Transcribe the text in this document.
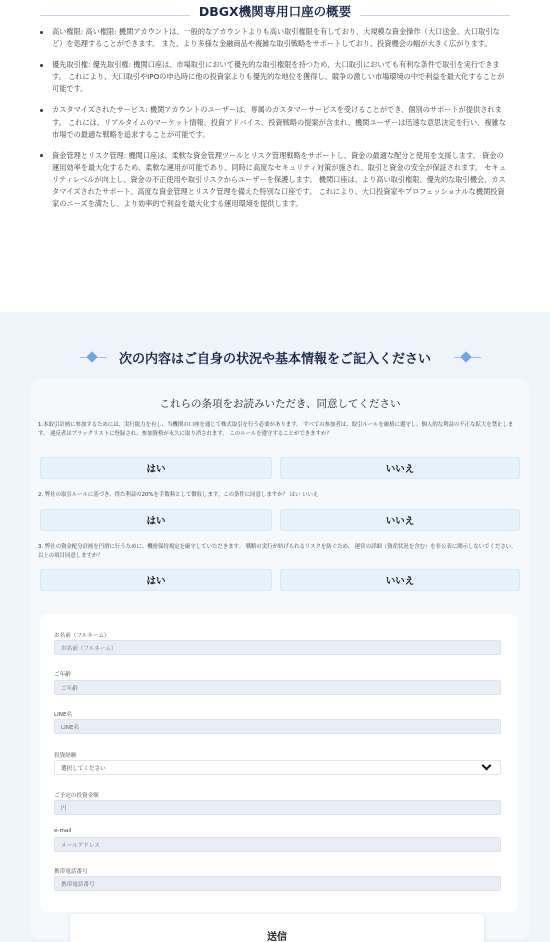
DBGX機関専用口座の概要
高い権限: 高い権限: 機関アカウントは、一般的なアカウントよりも高い取引権限を有しており、大規模な資金操作（大口送金、大口取引など）を処理することができます。 また、より多様な金融商品や複雑な取引戦略をサポートしており、投資機会の幅が大きく広がります。
優先取引権: 優先取引権: 機関口座は、市場取引において優先的な取引権限を持つため、大口取引においても有利な条件で取引を実行できます。 これにより、大口取引やIPOの申込時に他の投資家よりも優先的な地位を獲得し、競争の激しい市場環境の中で利益を最大化することが可能です。
カスタマイズされたサービス: 機関アカウントのユーザーは、専属のカスタマーサービスを受けることができ、個別のサポートが提供されます。 これには、リアルタイムのマーケット情報、投資アドバイス、投資戦略の提案が含まれ、機関ユーザーは迅速な意思決定を行い、複雑な市場での最適な戦略を追求することが可能です。
資金管理とリスク管理: 機関口座は、柔軟な資金管理ツールとリスク管理戦略をサポートし、資金の最適な配分と使用を支援します。 資金の運用効率を最大化するため、柔軟な運用が可能であり、同時に高度なセキュリティ対策が施され、取引と資金の安全が保証されます。 セキュリティレベルが向上し、資金の不正使用や取引リスクからユーザーを保護します。 機関口座は、より高い取引権限、優先的な取引機会、カスタマイズされたサポート、高度な資金管理とリスク管理を備えた特別な口座です。 これにより、大口投資家やプロフェッショナルな機関投資家のニーズを満たし、より効率的で利益を最大化する運用環境を提供します。
次の内容はご自身の状況や基本情報をご記入ください
これらの条項をお読みいただき、同意してください
1.本取引計画に参加するためには、実行能力を有し、当機関の口座を通じて株式取引を行う必要があります。 すべての参加者は、取引ルールを厳格に遵守し、個人的な利益の不正な拡大を禁止します。 違反者はブラックリストに登録され、参加資格が永久に取り消されます。 このルールを遵守することができますか？
はい	いいえ
2. 弊社の取引ルールに基づき、得た利益の20%を手数料として徴収します。この条件に同意しますか？ はい いいえ
はい	いいえ
3. 弊社の資金配分計画を円滑に行うために、機密保持規定を厳守していただきます。 戦略の実行が妨げられるリスクを防ぐため、 運営の詳細（資産状況を含む）を非公表に開示しないでください。 以上の項目同意しますか？
はい	いいえ
お名前（フルネーム）
お名前（フルネーム）
ご年齢
ご年齢
LINE名
LINE名
投資経験
選択してください
ご予定の投資金額
円
e-mail
メールアドレス
携帯電話番号
携帯電話番号
送信
